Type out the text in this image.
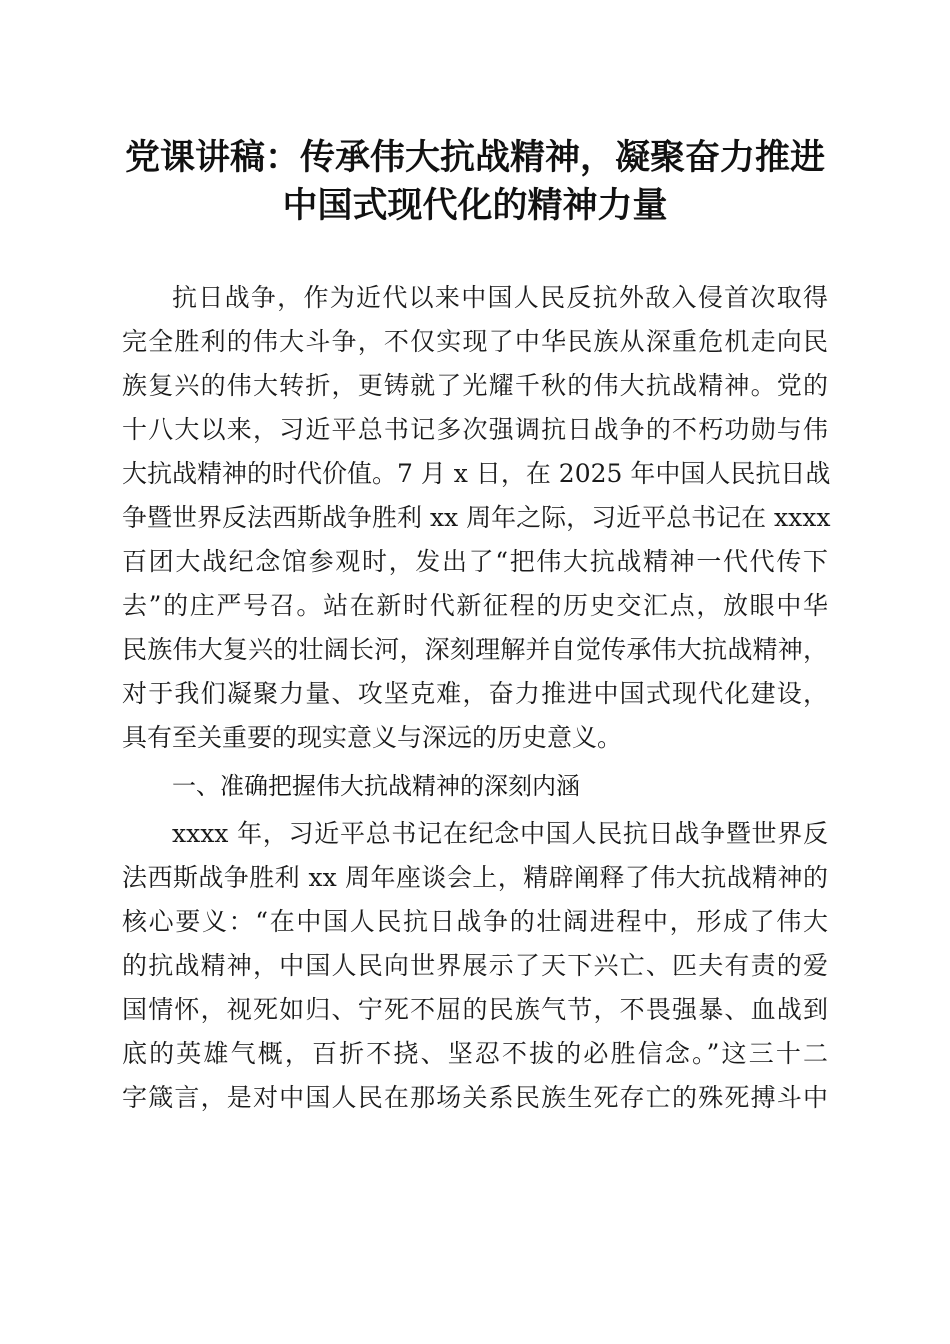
党课讲稿：传承伟大抗战精神，凝聚奋力推进
中国式现代化的精神力量
抗日战争，作为近代以来中国人民反抗外敌入侵首次取得
完全胜利的伟大斗争，不仅实现了中华民族从深重危机走向民
族复兴的伟大转折，更铸就了光耀千秋的伟大抗战精神。党的
十八大以来，习近平总书记多次强调抗日战争的不朽功勋与伟
大抗战精神的时代价值。7 月 x 日，在 2025 年中国人民抗日战
争暨世界反法西斯战争胜利 xx 周年之际，习近平总书记在 xxxx
百团大战纪念馆参观时，发出了“把伟大抗战精神一代代传下
去”的庄严号召。站在新时代新征程的历史交汇点，放眼中华
民族伟大复兴的壮阔长河，深刻理解并自觉传承伟大抗战精神，
对于我们凝聚力量、攻坚克难，奋力推进中国式现代化建设，
具有至关重要的现实意义与深远的历史意义。
一、准确把握伟大抗战精神的深刻内涵
xxxx 年，习近平总书记在纪念中国人民抗日战争暨世界反
法西斯战争胜利 xx 周年座谈会上，精辟阐释了伟大抗战精神的
核心要义：“在中国人民抗日战争的壮阔进程中，形成了伟大
的抗战精神，中国人民向世界展示了天下兴亡、匹夫有责的爱
国情怀，视死如归、宁死不屈的民族气节，不畏强暴、血战到
底的英雄气概，百折不挠、坚忍不拔的必胜信念。”这三十二
字箴言，是对中国人民在那场关系民族生死存亡的殊死搏斗中
